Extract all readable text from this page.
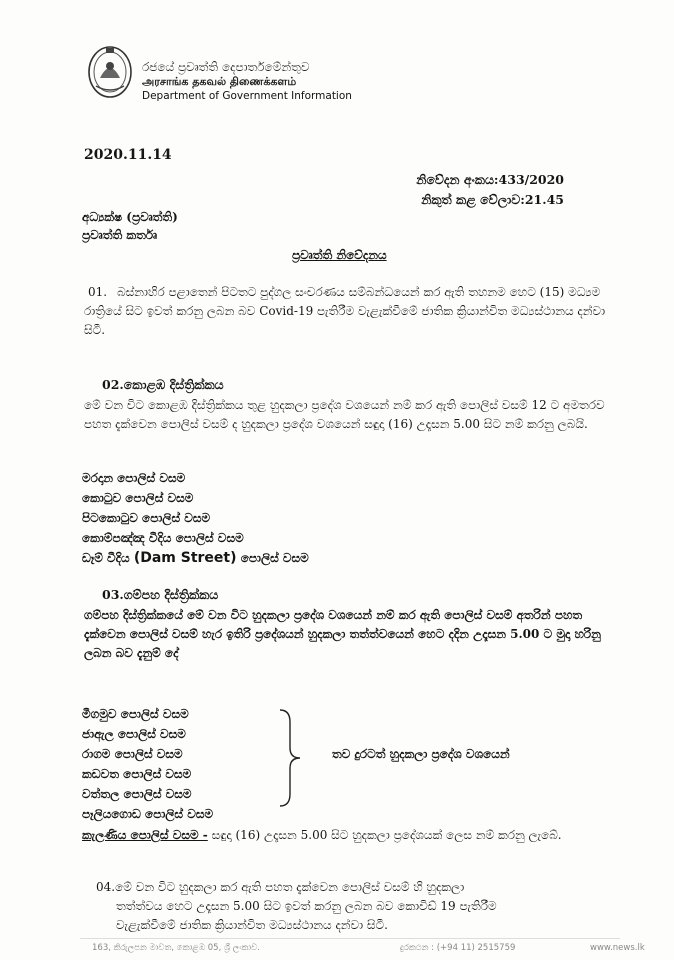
රජයේ ප්‍රවෘත්ති දෙපාර්තමේන්තුව
அரசாங்க தகவல் திணைக்களம்
Department of Government Information
2020.11.14
නිවේදන අංකය:433/2020
නිකුත් කළ වේලාව:21.45
අධ්‍යක්ෂ (ප්‍රවෘත්ති)
ප්‍රවෘත්ති කර්තෘ
ප්‍රවෘත්ති නිවේදනය
01. බස්නාහිර පළාතෙන් පිටතට පුද්ගල සංචරණය සම්බන්ධයෙන් කර ඇති තහනම හෙට (15) මධ්‍යම රාත්‍රියේ සිට ඉවත් කරනු ලබන බව Covid-19 පැතිරීම වැළැක්වීමේ ජාතික ක්‍රියාන්විත මධ්‍යස්ථානය දන්වා සිටී.
02.කොළඹ දිස්ත්‍රික්කය
මේ වන විට කොළඹ දිස්ත්‍රික්කය තුළ හුදකලා ප්‍රදේශ වශයෙන් නම් කර ඇති පොලිස් වසම් 12 ට අමතරව පහත දැක්වෙන පොලිස් වසම් ද හුදකලා ප්‍රදේශ වශයෙන් සඳුදා (16) උදෑසන 5.00 සිට නම් කරනු ලබයි.
මරදාන පොලිස් වසම
කොටුව පොලිස් වසම
පිටකොටුව පොලිස් වසම
කොම්පඤ්ඤ වීදිය පොලිස් වසම
ඩෑම් වීදිය (Dam Street) පොලිස් වසම
03.ගම්පහ දිස්ත්‍රික්කය
ගම්පහ දිස්ත්‍රික්කයේ මේ වන විට හුදකලා ප්‍රදේශ වශයෙන් නම් කර ඇති පොලිස් වසම් අතරින් පහත දැක්වෙන පොලිස් වසම් හැර ඉතිරි ප්‍රදේශයන් හුදකලා තත්ත්වයෙන් හෙට දදින උදෑසන 5.00 ට මුදා හරිනු ලබන බව දැනුම් දේ
මීගමුව පොලිස් වසම
ජාඇල පොලිස් වසම
රාගම පොලිස් වසම
කඩවත පොලිස් වසම
වත්තල පොලිස් වසම
පෑලියගොඩ පොලිස් වසම
තව දුරටත් හුදකලා ප්‍රදේශ වශයෙන්
කැලණිය පොලිස් වසම - සඳුදා (16) උදෑසන 5.00 සිට හුදකලා ප්‍රදේශයක් ලෙස නම් කරනු ලැබේ.
04.මේ වන විට හුදකලා කර ඇති පහත දැක්වෙන පොලිස් වසම් හි හුදකලා
තත්ත්වය හෙට උදෑසන 5.00 සිට ඉවත් කරනු ලබන බව කොවිඩ් 19 පැතිරීම
වැළැක්වීමේ ජාතික ක්‍රියාන්විත මධ්‍යස්ථානය දන්වා සිටී.
163, කිරුලපන මාවත, කොළඹ 05, ශ්‍රී ලංකාව.	දුරකථන : (+94 11) 2515759	www.news.lk
